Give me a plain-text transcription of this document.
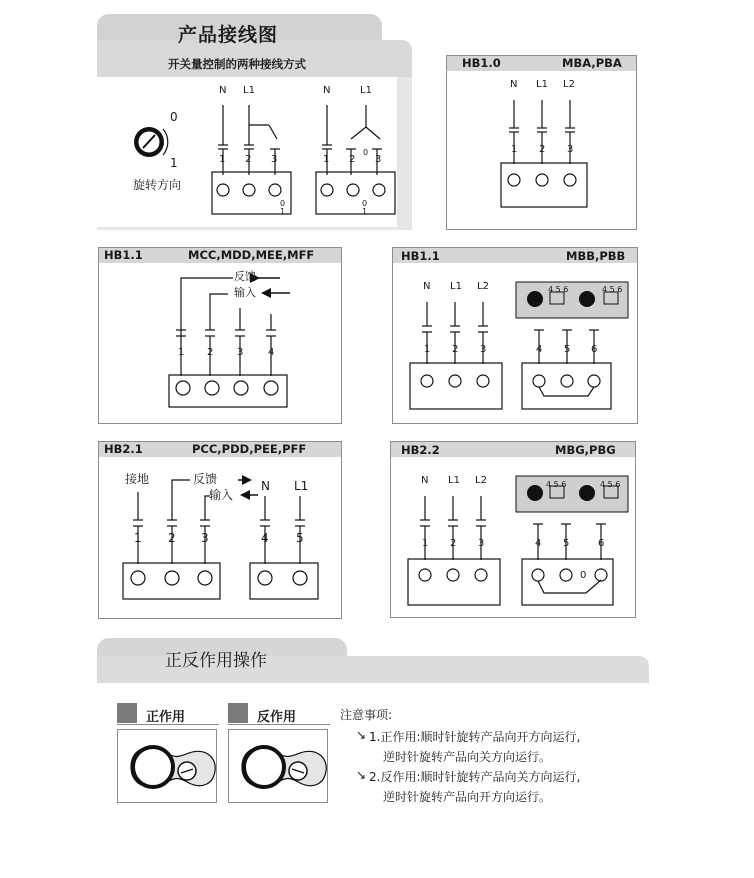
产品接线图
开关量控制的两种接线方式
N L1
1 2 3
N	L1
1 2 3
0
0
1
旋转方向
0
1
0
1
HB1.0	MBA,PBA
N L1 L2
1 2 3
HB1.1	MCC,MDD,MEE,MFF
反馈
输入
1 2 3 4
HB1.1	MBB,PBB
N L1 L2
1 2 3	4 5 6
4 5 6	4 5 6
HB2.1	PCC,PDD,PEE,PFF
接地	反馈
输入
N L1
1 2 3	4 5
HB2.2	MBG,PBG
N L1 L2
1 2 3	4 5	6
0
4 5 6	4 5 6
正反作用操作
正作用	反作用	注意事项:
↘ 1.正作用:顺时针旋转产品向开方向运行,
逆时针旋转产品向关方向运行。
↘ 2.反作用:顺时针旋转产品向关方向运行,
逆时针旋转产品向开方向运行。
